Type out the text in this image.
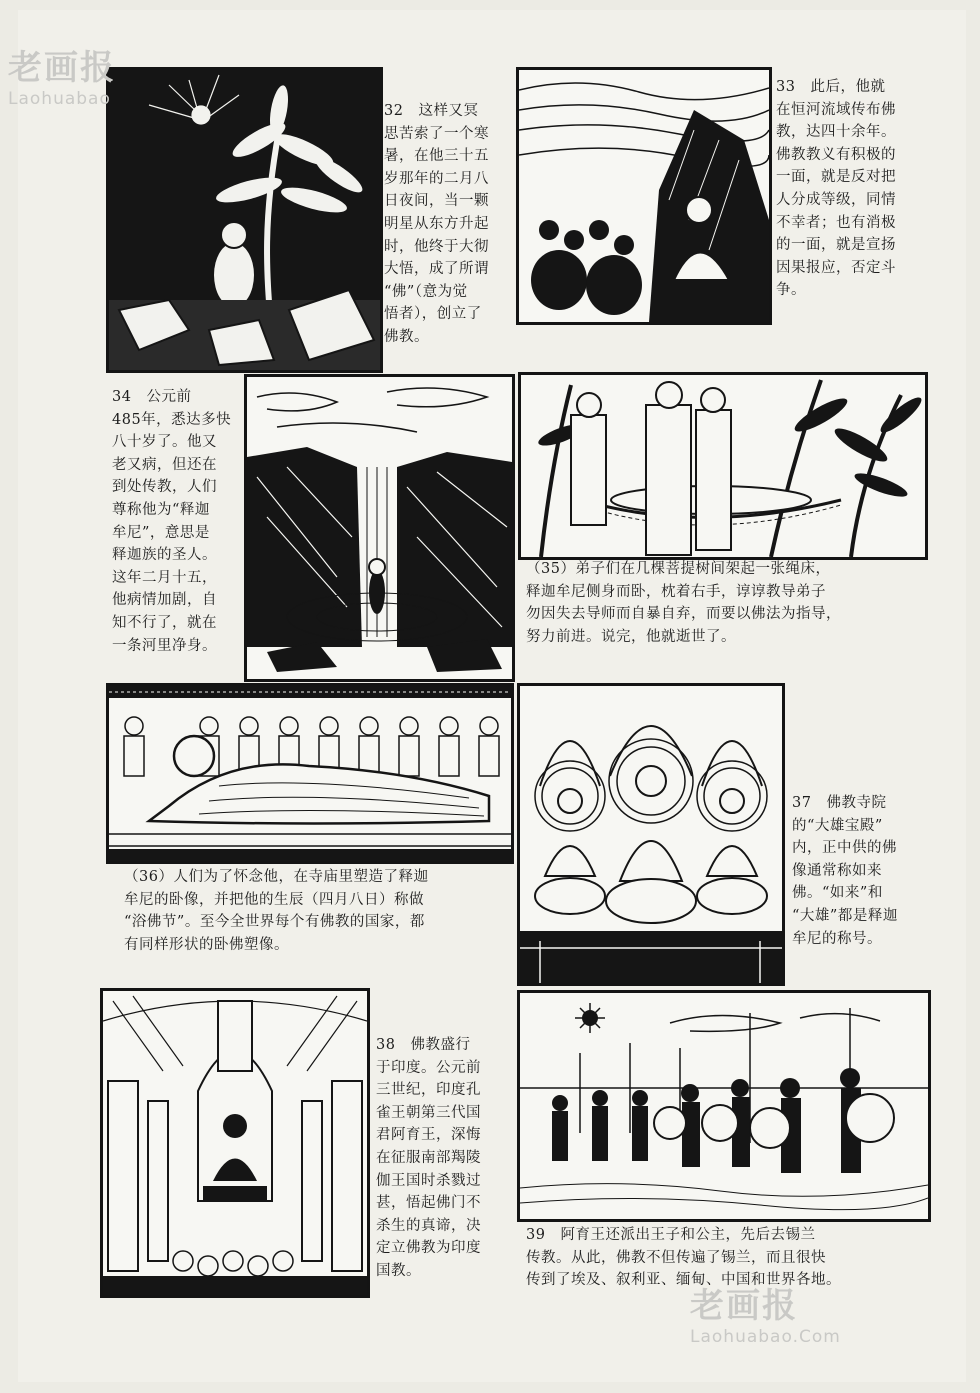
32　这样又冥
思苦索了一个寒
暑，在他三十五
岁那年的二月八
日夜间，当一颗
明星从东方升起
时，他终于大彻
大悟，成了所谓
“佛”（意为觉
悟者），创立了
佛教。
33　此后，他就
在恒河流域传布佛
教，达四十余年。
佛教教义有积极的
一面，就是反对把
人分成等级，同情
不幸者；也有消极
的一面，就是宣扬
因果报应，否定斗
争。
34　公元前
485年，悉达多快
八十岁了。他又
老又病，但还在
到处传教，人们
尊称他为“释迦
牟尼”，意思是
释迦族的圣人。
这年二月十五，
他病情加剧，自
知不行了，就在
一条河里净身。
（35）弟子们在几棵菩提树间架起一张绳床，
释迦牟尼侧身而卧，枕着右手，谆谆教导弟子
勿因失去导师而自暴自弃，而要以佛法为指导，
努力前进。说完，他就逝世了。
（36）人们为了怀念他，在寺庙里塑造了释迦
牟尼的卧像，并把他的生辰（四月八日）称做
“浴佛节”。至今全世界每个有佛教的国家，都
有同样形状的卧佛塑像。
37　佛教寺院
的“大雄宝殿”
内，正中供的佛
像通常称如来
佛。“如来”和
“大雄”都是释迦
牟尼的称号。
38　佛教盛行
于印度。公元前
三世纪，印度孔
雀王朝第三代国
君阿育王，深悔
在征服南部羯陵
伽王国时杀戮过
甚，悟起佛门不
杀生的真谛，决
定立佛教为印度
国教。
39　阿育王还派出王子和公主，先后去锡兰
传教。从此，佛教不但传遍了锡兰，而且很快
传到了埃及、叙利亚、缅甸、中国和世界各地。
老画报
Laohuabao
老画报
Laohuabao.Com
